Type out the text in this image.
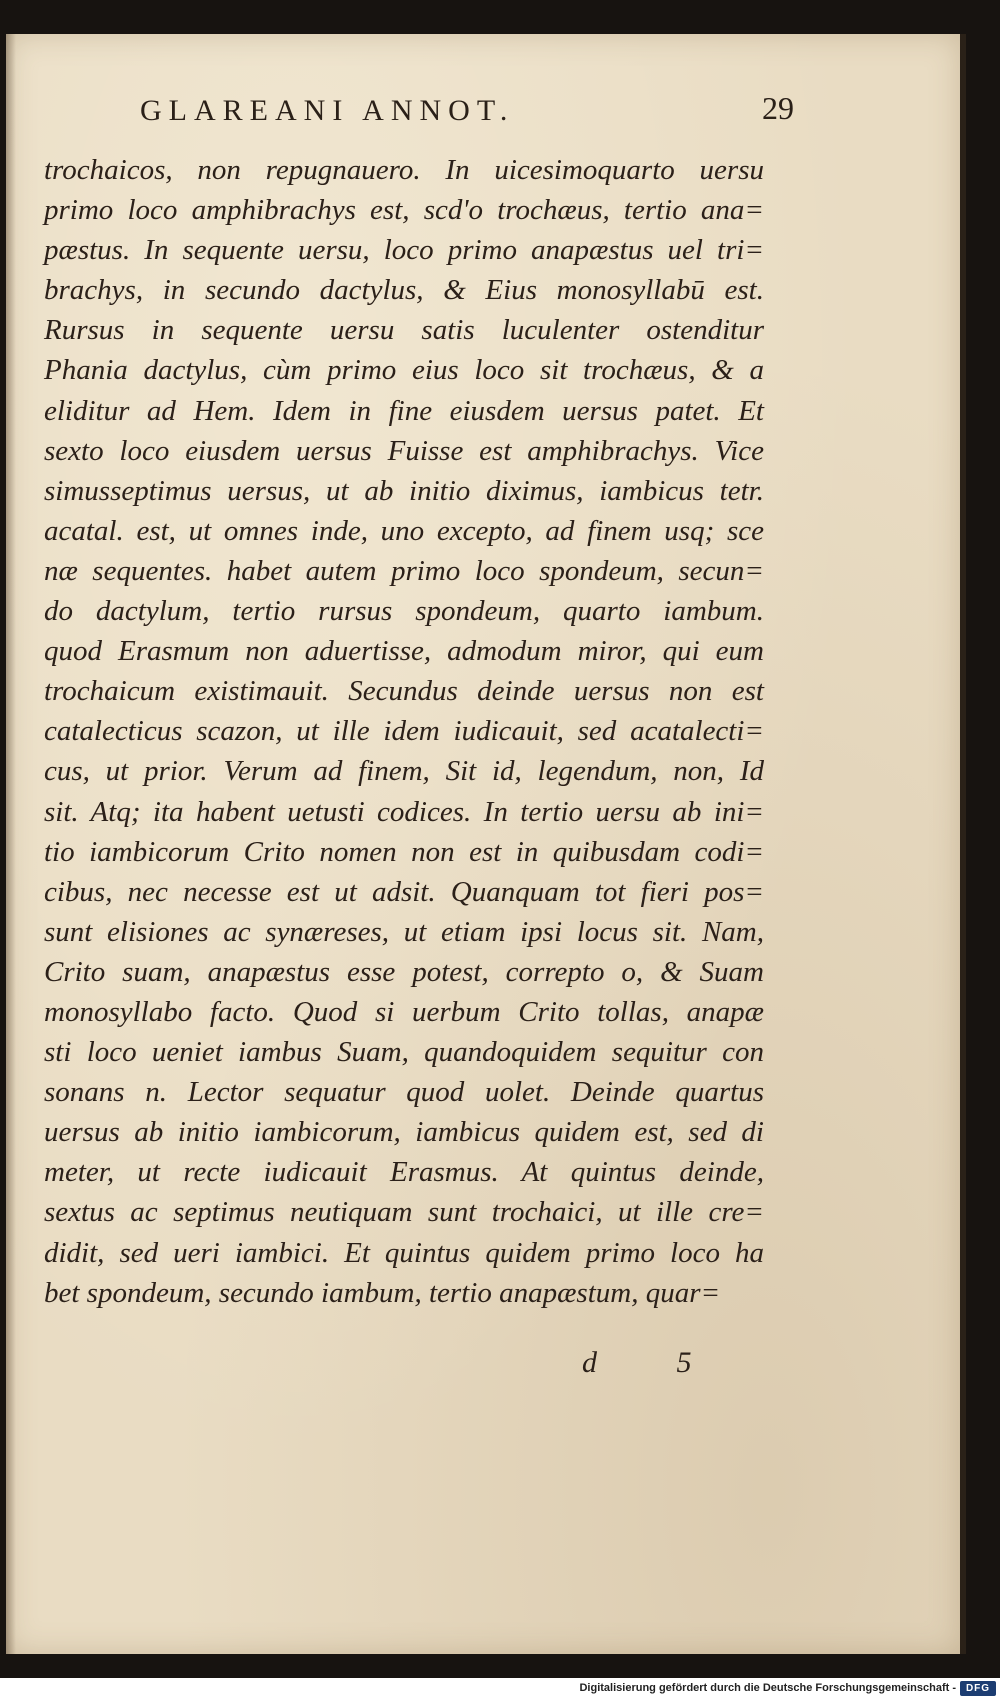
GLAREANI ANNOT.	29
trochaicos, non repugnauero. In uicesimoquarto uersu
primo loco amphibrachys est, scd'o trochæus, tertio ana=
pæstus. In sequente uersu, loco primo anapæstus uel tri=
brachys, in secundo dactylus, & Eius monosyllabū est.
Rursus in sequente uersu satis luculenter ostenditur
Phania dactylus, cùm primo eius loco sit trochæus, & a
eliditur ad Hem. Idem in fine eiusdem uersus patet. Et
sexto loco eiusdem uersus Fuisse est amphibrachys. Vice
simusseptimus uersus, ut ab initio diximus, iambicus tetr.
acatal. est, ut omnes inde, uno excepto, ad finem usq; sce
næ sequentes. habet autem primo loco spondeum, secun=
do dactylum, tertio rursus spondeum, quarto iambum.
quod Erasmum non aduertisse, admodum miror, qui eum
trochaicum existimauit. Secundus deinde uersus non est
catalecticus scazon, ut ille idem iudicauit, sed acatalecti=
cus, ut prior. Verum ad finem, Sit id, legendum, non, Id
sit. Atq; ita habent uetusti codices. In tertio uersu ab ini=
tio iambicorum Crito nomen non est in quibusdam codi=
cibus, nec necesse est ut adsit. Quanquam tot fieri pos=
sunt elisiones ac synæreses, ut etiam ipsi locus sit. Nam,
Crito suam, anapæstus esse potest, correpto o, & Suam
monosyllabo facto. Quod si uerbum Crito tollas, anapæ
sti loco ueniet iambus Suam, quandoquidem sequitur con
sonans n. Lector sequatur quod uolet. Deinde quartus
uersus ab initio iambicorum, iambicus quidem est, sed di
meter, ut recte iudicauit Erasmus. At quintus deinde,
sextus ac septimus neutiquam sunt trochaici, ut ille cre=
didit, sed ueri iambici. Et quintus quidem primo loco ha
bet spondeum, secundo iambum, tertio anapæstum, quar=
d 5
Digitalisierung gefördert durch die Deutsche Forschungsgemeinschaft - DFG
